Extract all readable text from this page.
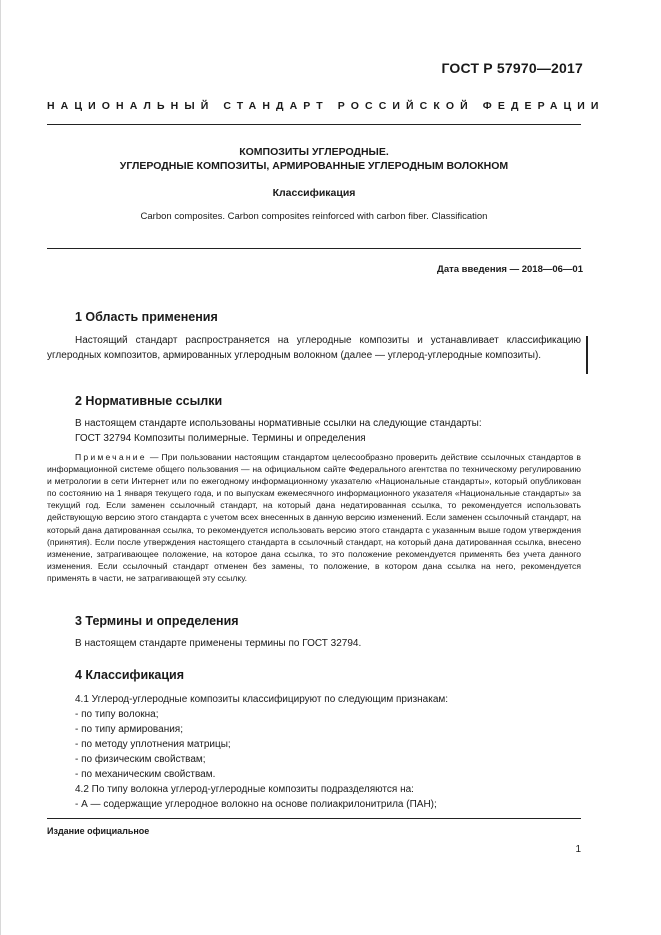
ГОСТ Р 57970—2017
НАЦИОНАЛЬНЫЙ СТАНДАРТ РОССИЙСКОЙ ФЕДЕРАЦИИ
КОМПОЗИТЫ УГЛЕРОДНЫЕ.
УГЛЕРОДНЫЕ КОМПОЗИТЫ, АРМИРОВАННЫЕ УГЛЕРОДНЫМ ВОЛОКНОМ
Классификация
Carbon composites. Carbon composites reinforced with carbon fiber. Classification
Дата введения — 2018—06—01
1 Область применения
Настоящий стандарт распространяется на углеродные композиты и устанавливает классификацию углеродных композитов, армированных углеродным волокном (далее — углерод-углеродные композиты).
2 Нормативные ссылки
В настоящем стандарте использованы нормативные ссылки на следующие стандарты:
ГОСТ 32794 Композиты полимерные. Термины и определения
Примечание — При пользовании настоящим стандартом целесообразно проверить действие ссылочных стандартов в информационной системе общего пользования — на официальном сайте Федерального агентства по техническому регулированию и метрологии в сети Интернет или по ежегодному информационному указателю «Национальные стандарты», который опубликован по состоянию на 1 января текущего года, и по выпускам ежемесячного информационного указателя «Национальные стандарты» за текущий год. Если заменен ссылочный стандарт, на который дана недатированная ссылка, то рекомендуется использовать действующую версию этого стандарта с учетом всех внесенных в данную версию изменений. Если заменен ссылочный стандарт, на который дана датированная ссылка, то рекомендуется использовать версию этого стандарта с указанным выше годом утверждения (принятия). Если после утверждения настоящего стандарта в ссылочный стандарт, на который дана датированная ссылка, внесено изменение, затрагивающее положение, на которое дана ссылка, то это положение рекомендуется применять без учета данного изменения. Если ссылочный стандарт отменен без замены, то положение, в котором дана ссылка на него, рекомендуется применять в части, не затрагивающей эту ссылку.
3 Термины и определения
В настоящем стандарте применены термины по ГОСТ 32794.
4 Классификация
4.1 Углерод-углеродные композиты классифицируют по следующим признакам:
- по типу волокна;
- по типу армирования;
- по методу уплотнения матрицы;
- по физическим свойствам;
- по механическим свойствам.
4.2 По типу волокна углерод-углеродные композиты подразделяются на:
- А — содержащие углеродное волокно на основе полиакрилонитрила (ПАН);
Издание официальное
1
